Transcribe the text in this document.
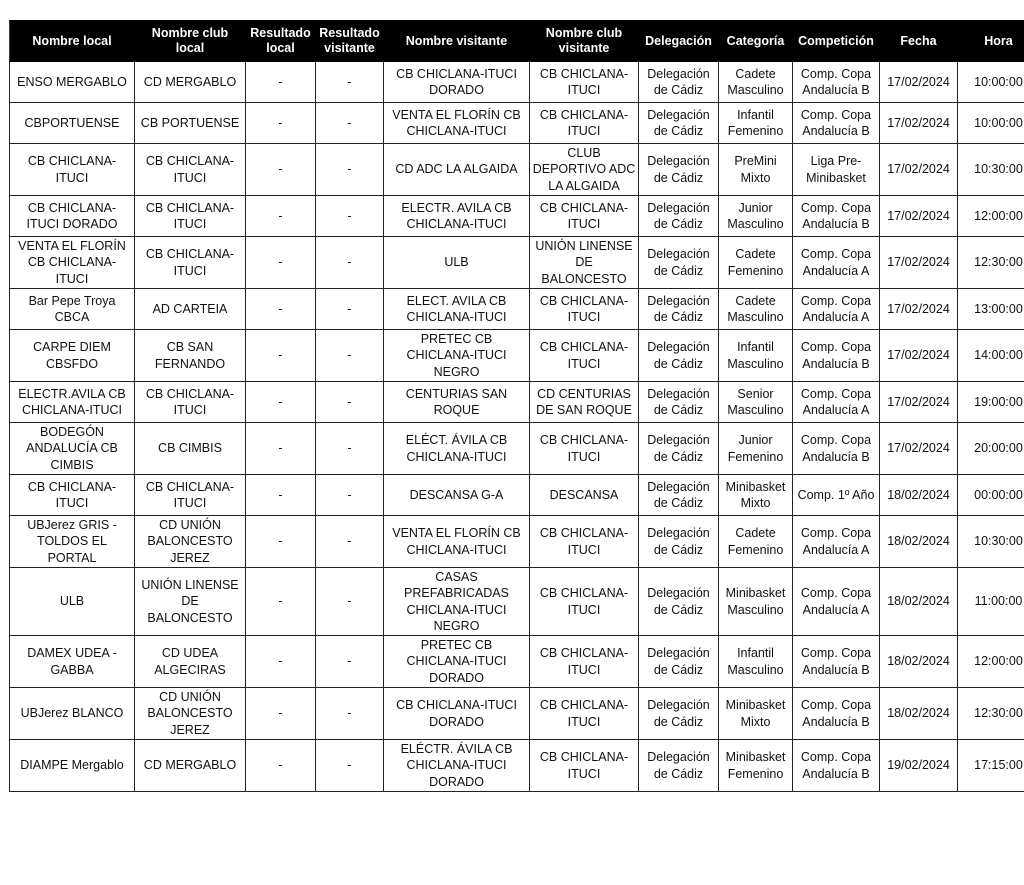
Nombre local	Nombre club local	Resultado local	Resultado visitante	Nombre visitante	Nombre club visitante	Delegación	Categoría	Competición	Fecha	Hora
ENSO MERGABLO	CD MERGABLO	-	-	CB CHICLANA-ITUCI DORADO	CB CHICLANA-ITUCI	Delegación de Cádiz	Cadete Masculino	Comp. Copa Andalucía B	17/02/2024	10:00:00
CBPORTUENSE	CB PORTUENSE	-	-	VENTA EL FLORÍN CB CHICLANA-ITUCI	CB CHICLANA-ITUCI	Delegación de Cádiz	Infantil Femenino	Comp. Copa Andalucía B	17/02/2024	10:00:00
CB CHICLANA-ITUCI	CB CHICLANA-ITUCI	-	-	CD ADC LA ALGAIDA	CLUB DEPORTIVO ADC LA ALGAIDA	Delegación de Cádiz	PreMini Mixto	Liga Pre-Minibasket	17/02/2024	10:30:00
CB CHICLANA-ITUCI DORADO	CB CHICLANA-ITUCI	-	-	ELECTR. AVILA CB CHICLANA-ITUCI	CB CHICLANA-ITUCI	Delegación de Cádiz	Junior Masculino	Comp. Copa Andalucía B	17/02/2024	12:00:00
VENTA EL FLORÍN CB CHICLANA-ITUCI	CB CHICLANA-ITUCI	-	-	ULB	UNIÓN LINENSE DE BALONCESTO	Delegación de Cádiz	Cadete Femenino	Comp. Copa Andalucía A	17/02/2024	12:30:00
Bar Pepe Troya CBCA	AD CARTEIA	-	-	ELECT. AVILA CB CHICLANA-ITUCI	CB CHICLANA-ITUCI	Delegación de Cádiz	Cadete Masculino	Comp. Copa Andalucía A	17/02/2024	13:00:00
CARPE DIEM CBSFDO	CB SAN FERNANDO	-	-	PRETEC CB CHICLANA-ITUCI NEGRO	CB CHICLANA-ITUCI	Delegación de Cádiz	Infantil Masculino	Comp. Copa Andalucía B	17/02/2024	14:00:00
ELECTR.AVILA CB CHICLANA-ITUCI	CB CHICLANA-ITUCI	-	-	CENTURIAS SAN ROQUE	CD CENTURIAS DE SAN ROQUE	Delegación de Cádiz	Senior Masculino	Comp. Copa Andalucía A	17/02/2024	19:00:00
BODEGÓN ANDALUCÍA CB CIMBIS	CB CIMBIS	-	-	ELÉCT. ÁVILA CB CHICLANA-ITUCI	CB CHICLANA-ITUCI	Delegación de Cádiz	Junior Femenino	Comp. Copa Andalucía B	17/02/2024	20:00:00
CB CHICLANA-ITUCI	CB CHICLANA-ITUCI	-	-	DESCANSA G-A	DESCANSA	Delegación de Cádiz	Minibasket Mixto	Comp. 1º Año	18/02/2024	00:00:00
UBJerez GRIS - TOLDOS EL PORTAL	CD UNIÓN BALONCESTO JEREZ	-	-	VENTA EL FLORÍN CB CHICLANA-ITUCI	CB CHICLANA-ITUCI	Delegación de Cádiz	Cadete Femenino	Comp. Copa Andalucía A	18/02/2024	10:30:00
ULB	UNIÓN LINENSE DE BALONCESTO	-	-	CASAS PREFABRICADAS CHICLANA-ITUCI NEGRO	CB CHICLANA-ITUCI	Delegación de Cádiz	Minibasket Masculino	Comp. Copa Andalucía A	18/02/2024	11:00:00
DAMEX UDEA - GABBA	CD UDEA ALGECIRAS	-	-	PRETEC CB CHICLANA-ITUCI DORADO	CB CHICLANA-ITUCI	Delegación de Cádiz	Infantil Masculino	Comp. Copa Andalucía B	18/02/2024	12:00:00
UBJerez BLANCO	CD UNIÓN BALONCESTO JEREZ	-	-	CB CHICLANA-ITUCI DORADO	CB CHICLANA-ITUCI	Delegación de Cádiz	Minibasket Mixto	Comp. Copa Andalucía B	18/02/2024	12:30:00
DIAMPE Mergablo	CD MERGABLO	-	-	ELÉCTR. ÁVILA CB CHICLANA-ITUCI DORADO	CB CHICLANA-ITUCI	Delegación de Cádiz	Minibasket Femenino	Comp. Copa Andalucía B	19/02/2024	17:15:00
